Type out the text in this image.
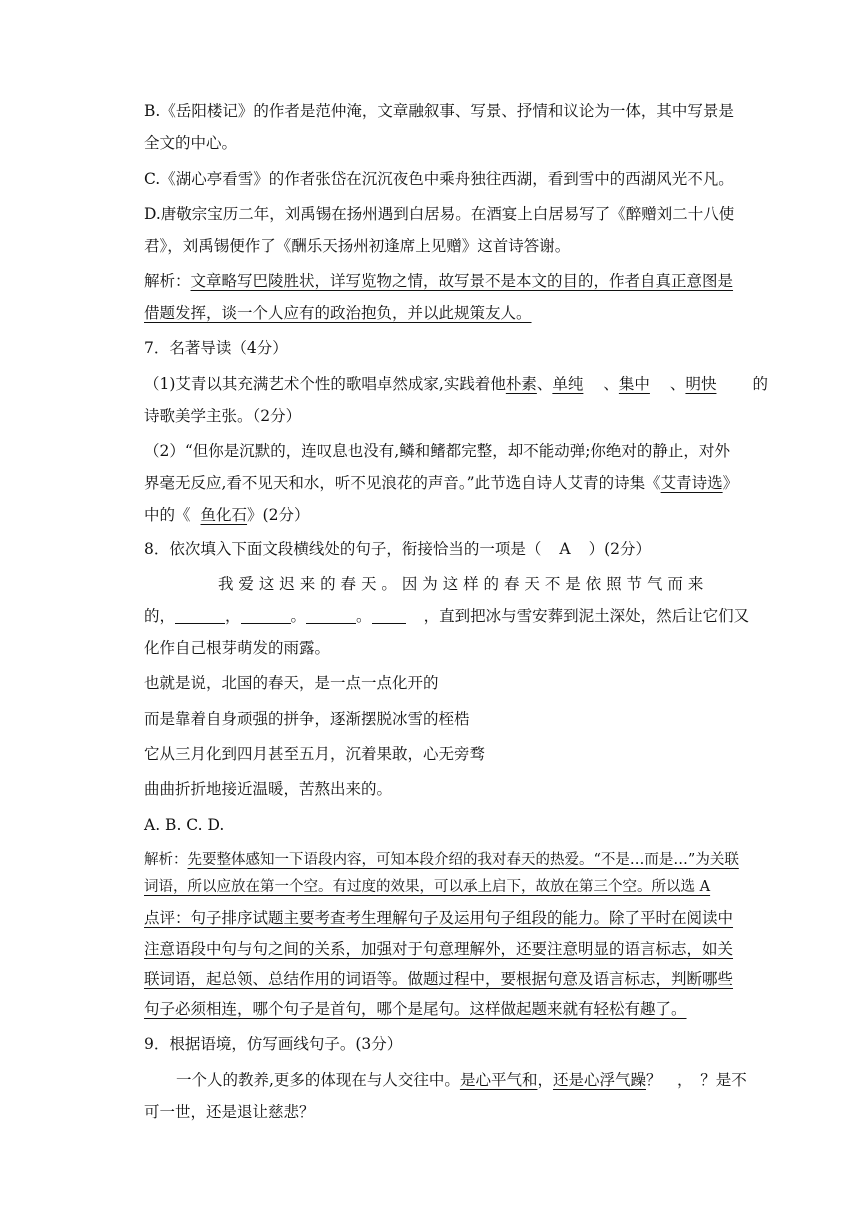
B.《岳阳楼记》的作者是范仲淹，文章融叙事、写景、抒情和议论为一体，其中写景是
全文的中心。
C.《湖心亭看雪》的作者张岱在沉沉夜色中乘舟独往西湖，看到雪中的西湖风光不凡。
D.唐敬宗宝历二年，刘禹锡在扬州遇到白居易。在酒宴上白居易写了《醉赠刘二十八使
君》，刘禹锡便作了《酬乐天扬州初逢席上见赠》这首诗答谢。
解析：文章略写巴陵胜状，详写览物之情，故写景不是本文的目的，作者自真正意图是
借题发挥，谈一个人应有的政治抱负，并以此规策友人。
7．名著导读（4分）
（1)艾青以其充满艺术个性的歌唱卓然成家,实践着他朴素、单纯 、集中 、明快 的
诗歌美学主张。（2分）
（2）“但你是沉默的，连叹息也没有,鳞和鳍都完整，却不能动弹;你绝对的静止，对外
界毫无反应,看不见天和水，听不见浪花的声音。”此节选自诗人艾青的诗集《艾青诗选》
中的《 鱼化石》(2分）
8．依次填入下面文段横线处的句子，衔接恰当的一项是（ A ）(2分）
我 爱 这 迟 来 的 春 天 。 因 为 这 样 的 春 天 不 是 依 照 节 气 而 来
的，	，	。	。	，直到把冰与雪安葬到泥土深处，然后让它们又
化作自己根芽萌发的雨露。
也就是说，北国的春天，是一点一点化开的
而是靠着自身顽强的拼争，逐渐摆脱冰雪的桎梏
它从三月化到四月甚至五月，沉着果敢，心无旁骛
曲曲折折地接近温暖，苦熬出来的。
A. B. C. D.
解析：先要整体感知一下语段内容，可知本段介绍的我对春天的热爱。“不是…而是…”为关联
词语，所以应放在第一个空。有过度的效果，可以承上启下，故放在第三个空。所以选 A
点评：句子排序试题主要考查考生理解句子及运用句子组段的能力。除了平时在阅读中
注意语段中句与句之间的关系，加强对于句意理解外，还要注意明显的语言标志，如关
联词语，起总领、总结作用的词语等。做题过程中，要根据句意及语言标志，判断哪些
句子必须相连，哪个句子是首句，哪个是尾句。这样做起题来就有轻松有趣了。
9．根据语境，仿写画线句子。(3分）
一个人的教养,更多的体现在与人交往中。是心平气和，还是心浮气躁？　，　？是不
可一世，还是退让慈悲？
